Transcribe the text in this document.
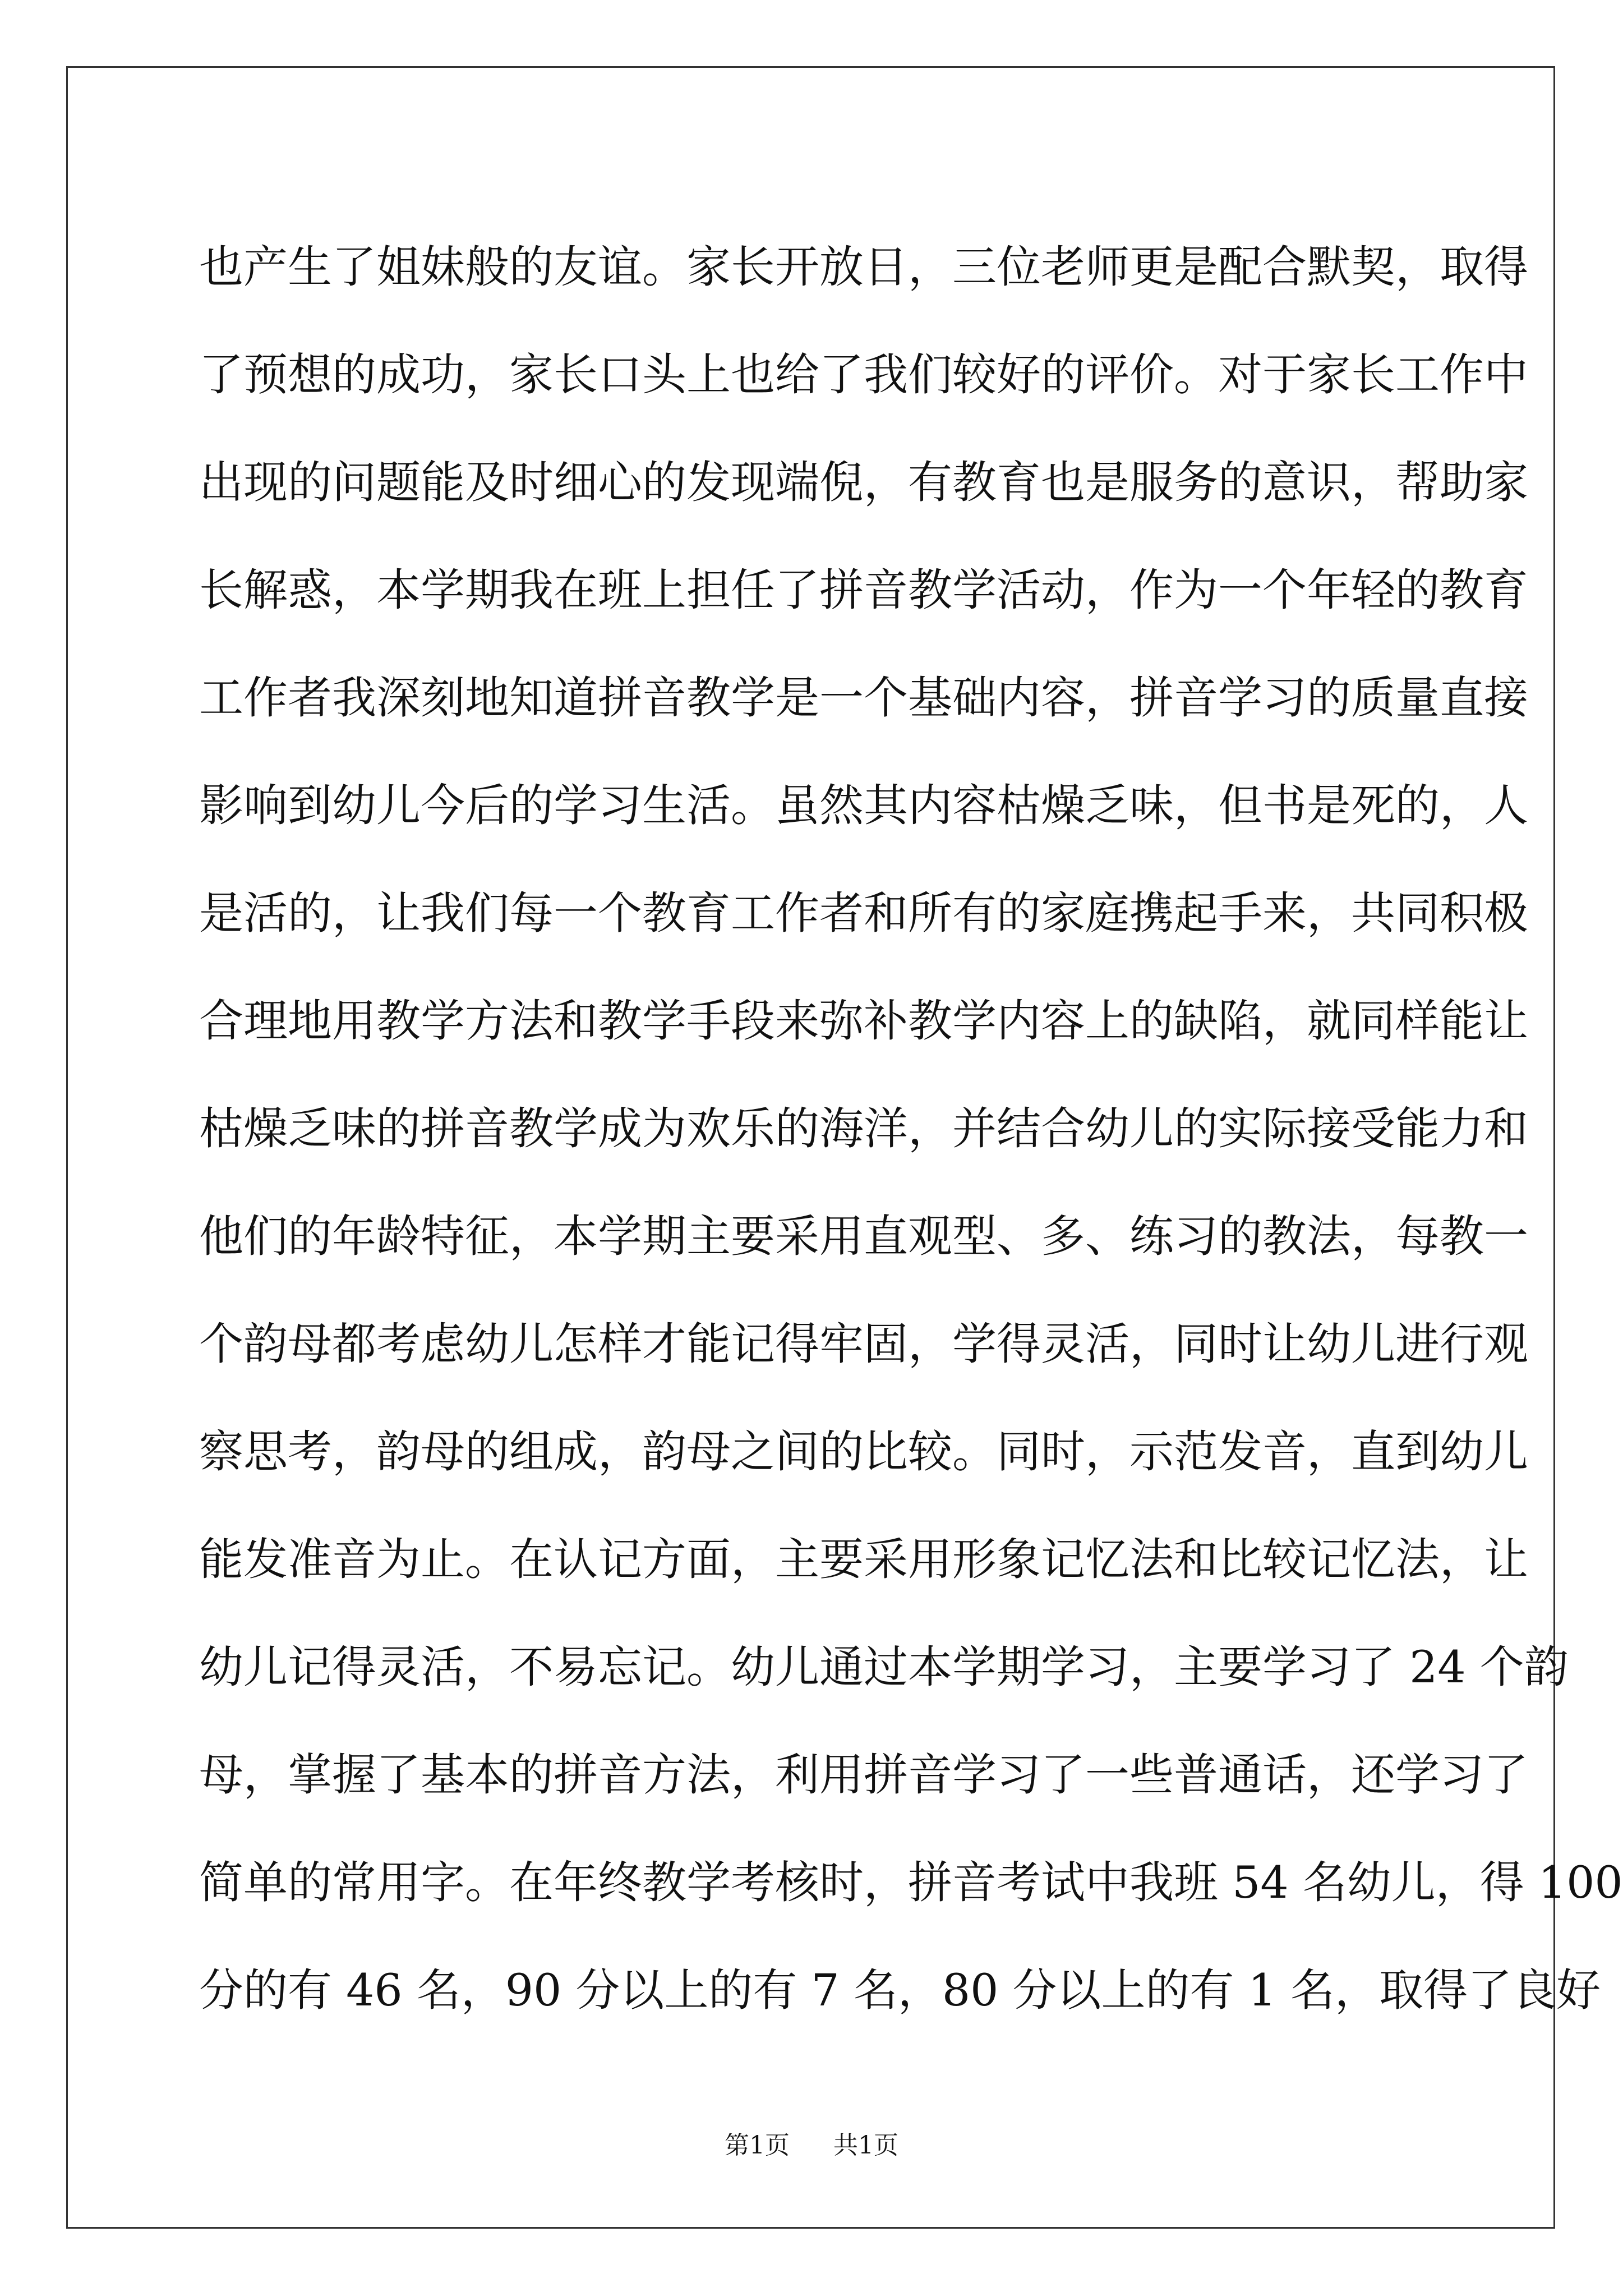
也产生了姐妹般的友谊。家长开放日，三位老师更是配合默契，取得
了预想的成功，家长口头上也给了我们较好的评价。对于家长工作中
出现的问题能及时细心的发现端倪，有教育也是服务的意识，帮助家
长解惑，本学期我在班上担任了拼音教学活动，作为一个年轻的教育
工作者我深刻地知道拼音教学是一个基础内容，拼音学习的质量直接
影响到幼儿今后的学习生活。虽然其内容枯燥乏味，但书是死的，人
是活的，让我们每一个教育工作者和所有的家庭携起手来，共同积极
合理地用教学方法和教学手段来弥补教学内容上的缺陷，就同样能让
枯燥乏味的拼音教学成为欢乐的海洋，并结合幼儿的实际接受能力和
他们的年龄特征，本学期主要采用直观型、多、练习的教法，每教一
个韵母都考虑幼儿怎样才能记得牢固，学得灵活，同时让幼儿进行观
察思考，韵母的组成，韵母之间的比较。同时，示范发音，直到幼儿
能发准音为止。在认记方面，主要采用形象记忆法和比较记忆法，让
幼儿记得灵活，不易忘记。幼儿通过本学期学习，主要学习了 24 个韵
母，掌握了基本的拼音方法，利用拼音学习了一些普通话，还学习了
简单的常用字。在年终教学考核时，拼音考试中我班 54 名幼儿，得 100
分的有 46 名，90 分以上的有 7 名，80 分以上的有 1 名，取得了良好
第1页 共1页
